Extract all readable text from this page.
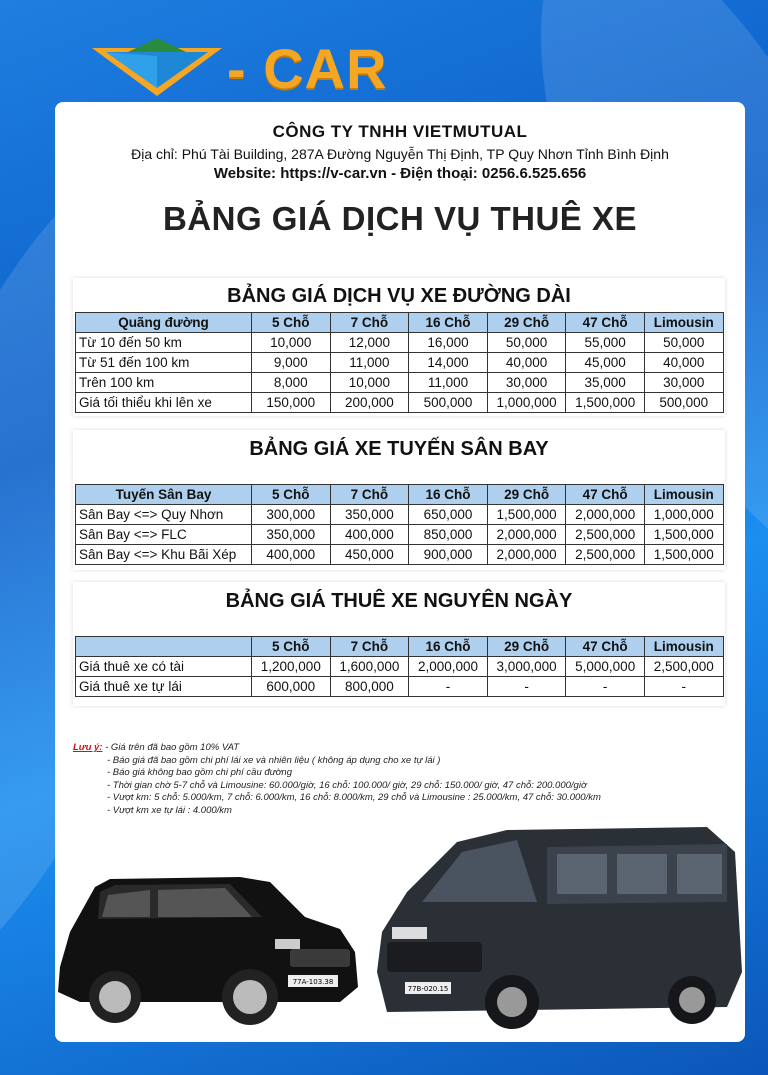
- CAR
CÔNG TY TNHH VIETMUTUAL
Địa chỉ: Phú Tài Building, 287A Đường Nguyễn Thị Định, TP Quy Nhơn Tỉnh Bình Định
Website: https://v-car.vn - Điện thoại: 0256.6.525.656
BẢNG GIÁ DỊCH VỤ THUÊ XE
BẢNG GIÁ DỊCH VỤ XE ĐƯỜNG DÀI
Quãng đường	5 Chỗ	7 Chỗ	16 Chỗ	29 Chỗ	47 Chỗ	Limousin
Từ 10 đến 50 km	10,000	12,000	16,000	50,000	55,000	50,000
Từ 51 đến 100 km	9,000	11,000	14,000	40,000	45,000	40,000
Trên 100 km	8,000	10,000	11,000	30,000	35,000	30,000
Giá tối thiểu khi lên xe	150,000	200,000	500,000	1,000,000	1,500,000	500,000
BẢNG GIÁ XE TUYẾN SÂN BAY
Tuyến Sân Bay	5 Chỗ	7 Chỗ	16 Chỗ	29 Chỗ	47 Chỗ	Limousin
Sân Bay <=> Quy Nhơn	300,000	350,000	650,000	1,500,000	2,000,000	1,000,000
Sân Bay <=> FLC	350,000	400,000	850,000	2,000,000	2,500,000	1,500,000
Sân Bay <=> Khu Bãi Xép	400,000	450,000	900,000	2,000,000	2,500,000	1,500,000
BẢNG GIÁ THUÊ XE NGUYÊN NGÀY
	5 Chỗ	7 Chỗ	16 Chỗ	29 Chỗ	47 Chỗ	Limousin
Giá thuê xe có tài	1,200,000	1,600,000	2,000,000	3,000,000	5,000,000	2,500,000
Giá thuê xe tự lái	600,000	800,000	-	-	-	-
Lưu ý: - Giá trên đã bao gồm 10% VAT
- Báo giá đã bao gồm chi phí lái xe và nhiên liệu ( không áp dụng cho xe tự lái )
- Báo giá không bao gồm chi phí cầu đường
- Thời gian chờ 5-7 chỗ và Limousine: 60.000/giờ, 16 chỗ: 100.000/ giờ, 29 chỗ: 150.000/ giờ, 47 chỗ: 200.000/giờ
- Vượt km: 5 chỗ: 5.000/km, 7 chỗ: 6.000/km, 16 chỗ: 8.000/km, 29 chỗ và Limousine : 25.000/km, 47 chỗ: 30.000/km
- Vượt km xe tự lái : 4.000/km
77A-103.38
77B-020.15
